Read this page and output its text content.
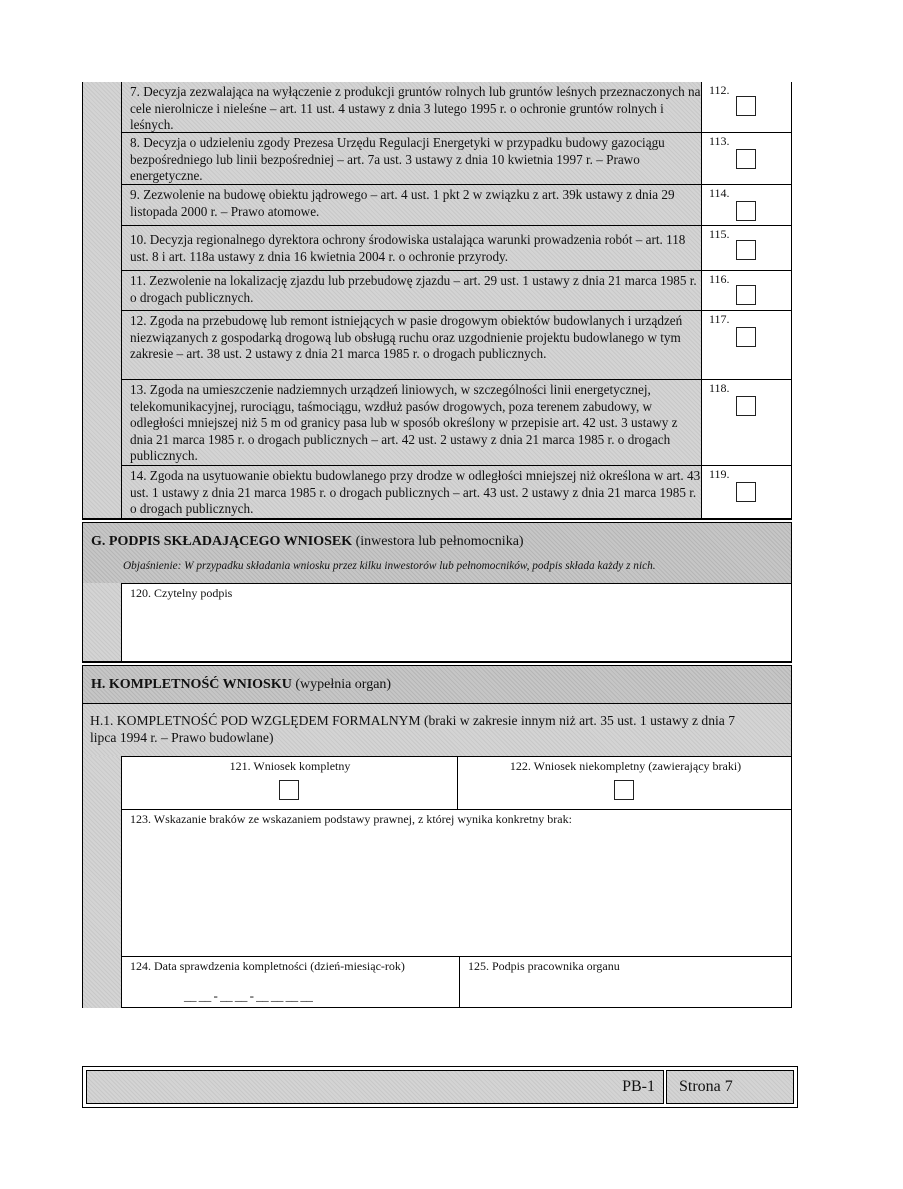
7. Decyzja zezwalająca na wyłączenie z produkcji gruntów rolnych lub gruntów leśnych przeznaczonych na cele nierolnicze i nieleśne – art. 11 ust. 4 ustawy z dnia 3 lutego 1995 r. o ochronie gruntów rolnych i leśnych.
112.
8. Decyzja o udzieleniu zgody Prezesa Urzędu Regulacji Energetyki w przypadku budowy gazociągu bezpośredniego lub linii bezpośredniej – art. 7a ust. 3 ustawy z dnia 10 kwietnia 1997 r. – Prawo energetyczne.
113.
9. Zezwolenie na budowę obiektu jądrowego – art. 4 ust. 1 pkt 2 w związku z art. 39k ustawy z dnia 29 listopada 2000 r. – Prawo atomowe.
114.
10. Decyzja regionalnego dyrektora ochrony środowiska ustalająca warunki prowadzenia robót – art. 118 ust. 8 i art. 118a ustawy z dnia 16 kwietnia 2004 r. o ochronie przyrody.
115.
11. Zezwolenie na lokalizację zjazdu lub przebudowę zjazdu – art. 29 ust. 1 ustawy z dnia 21 marca 1985 r. o drogach publicznych.
116.
12. Zgoda na przebudowę lub remont istniejących w pasie drogowym obiektów budowlanych i urządzeń niezwiązanych z gospodarką drogową lub obsługą ruchu oraz uzgodnienie projektu budowlanego w tym zakresie – art. 38 ust. 2 ustawy z dnia 21 marca 1985 r. o drogach publicznych.
117.
13. Zgoda na umieszczenie nadziemnych urządzeń liniowych, w szczególności linii energetycznej, telekomunikacyjnej, rurociągu, taśmociągu, wzdłuż pasów drogowych, poza terenem zabudowy, w odległości mniejszej niż 5 m od granicy pasa lub w sposób określony w przepisie art. 42 ust. 3 ustawy z dnia 21 marca 1985 r. o drogach publicznych – art. 42 ust. 2 ustawy z dnia 21 marca 1985 r. o drogach publicznych.
118.
14. Zgoda na usytuowanie obiektu budowlanego przy drodze w odległości mniejszej niż określona w art. 43 ust. 1 ustawy z dnia 21 marca 1985 r. o drogach publicznych – art. 43 ust. 2 ustawy z dnia 21 marca 1985 r. o drogach publicznych.
119.
G. PODPIS SKŁADAJĄCEGO WNIOSEK (inwestora lub pełnomocnika)
Objaśnienie: W przypadku składania wniosku przez kilku inwestorów lub pełnomocników, podpis składa każdy z nich.
120. Czytelny podpis
H. KOMPLETNOŚĆ WNIOSKU (wypełnia organ)
H.1. KOMPLETNOŚĆ POD WZGLĘDEM FORMALNYM (braki w zakresie innym niż art. 35 ust. 1 ustawy z dnia 7 lipca 1994 r. – Prawo budowlane)
121. Wniosek kompletny	122. Wniosek niekompletny (zawierający braki)
123. Wskazanie braków ze wskazaniem podstawy prawnej, z której wynika konkretny brak:
124. Data sprawdzenia kompletności (dzień-miesiąc-rok)
__ __ - __ __ - __ __ __ __
125. Podpis pracownika organu
PB-1 Strona 7
